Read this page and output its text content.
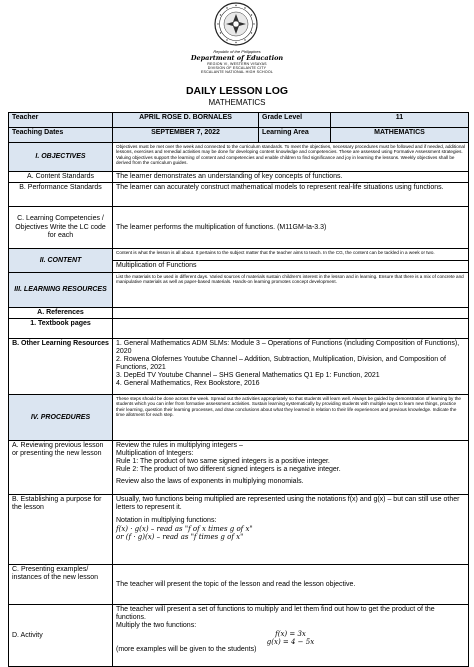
Republic of the Philippines
Department of Education
REGION VI, WESTERN VISAYAS
DIVISION OF ESCALANTE CITY
ESCALANTE NATIONAL HIGH SCHOOL
DAILY LESSON LOG
MATHEMATICS
Teacher	APRIL ROSE D. BORNALES	Grade Level	11
Teaching Dates	SEPTEMBER 7, 2022	Learning Area	MATHEMATICS
I. OBJECTIVES	Objectives must be met over the week and connected to the curriculum standards. To meet the objectives, necessary procedures must be followed and if needed, additional lessons, exercises and remedial activities may be done for developing content knowledge and competencies. These are assessed using Formative Assessment strategies. Valuing objectives support the learning of content and competencies and enable children to find significance and joy in learning the lessons. Weekly objectives shall be derived from the curriculum guides.		
A. Content Standards	The learner demonstrates an understanding of key concepts of functions.		
B. Performance Standards	The learner can accurately construct mathematical models to represent real-life situations using functions.		
C. Learning Competencies / Objectives Write the LC code for each	The learner performs the multiplication of functions. (M11GM-Ia-3.3)		
II. CONTENT	Content is what the lesson is all about. It pertains to the subject matter that the teacher aims to teach. In the CG, the content can be tackled in a week or two.		
	Multiplication of Functions		
III. LEARNING RESOURCES	List the materials to be used in different days. Varied sources of materials sustain children's interest in the lesson and in learning. Ensure that there is a mix of concrete and manipulative materials as well as paper-based materials. Hands-on learning promotes concept development.		
A. References			
1. Textbook pages			
B. Other Learning Resources	1. General Mathematics ADM SLMs: Module 3 – Operations of Functions (including Composition of Functions), 2020
2. Rowena Olofernes Youtube Channel – Addition, Subtraction, Multiplication, Division, and Composition of Functions, 2021
3. DepEd TV Youtube Channel – SHS General Mathematics Q1 Ep 1: Function, 2021
4. General Mathematics, Rex Bookstore, 2016		

IV. PROCEDURES	These steps should be done across the week. Spread out the activities appropriately so that students will learn well. Always be guided by demonstration of learning by the students which you can infer from formative assessment activities. Sustain learning systematically by providing students with multiple ways to learn new things, practice their learning, question their learning processes, and draw conclusions about what they learned in relation to their life experiences and previous knowledge. Indicate the time allotment for each step.		
A. Reviewing previous lesson or presenting the new lesson	Review the rules in multiplying integers –
Multiplication of Integers:
Rule 1: The product of two same signed integers is a positive integer.
Rule 2: The product of two different signed integers is a negative integer.
Review also the laws of exponents in multiplying monomials.		

B. Establishing a purpose for the lesson	Usually, two functions being multiplied are represented using the notations f(x) and g(x) – but can still use other letters to represent it.
Notation in multiplying functions:
f(x) · g(x) – read as "f of x times g of x"
or (f · g)(x) – read as "f times g of x"		

C. Presenting examples/ instances of the new lesson	The teacher will present the topic of the lesson and read the lesson objective.		
D. Activity	The teacher will present a set of functions to multiply and let them find out how to get the product of the functions.
Multiply the two functions:
f(x) = 3x
g(x) = 4 − 5x
(more examples will be given to the students)		
